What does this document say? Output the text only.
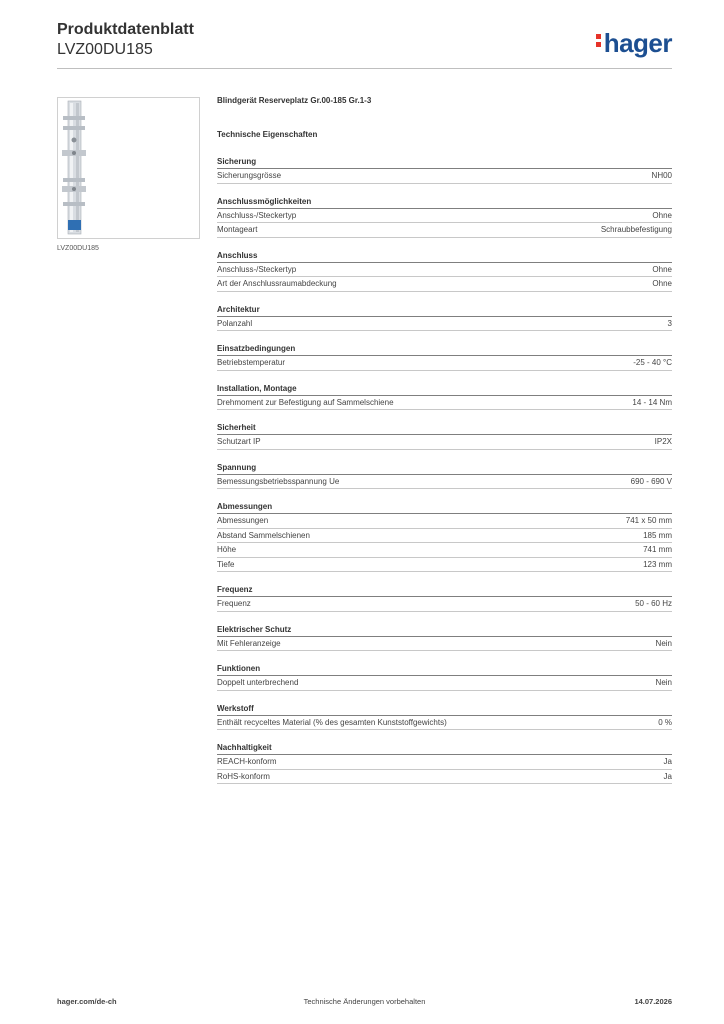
Produktdatenblatt
LVZ00DU185	hager
LVZ00DU185
Blindgerät Reserveplatz Gr.00-185 Gr.1-3
Technische Eigenschaften
Sicherung
Sicherungsgrösse	NH00
Anschlussmöglichkeiten
Anschluss-/Steckertyp	Ohne
Montageart	Schraubbefestigung
Anschluss
Anschluss-/Steckertyp	Ohne
Art der Anschlussraumabdeckung	Ohne
Architektur
Polanzahl	3
Einsatzbedingungen
Betriebstemperatur	-25 - 40 °C
Installation, Montage
Drehmoment zur Befestigung auf Sammelschiene	14 - 14 Nm
Sicherheit
Schutzart IP	IP2X
Spannung
Bemessungsbetriebsspannung Ue	690 - 690 V
Abmessungen
Abmessungen	741 x 50 mm
Abstand Sammelschienen	185 mm
Höhe	741 mm
Tiefe	123 mm
Frequenz
Frequenz	50 - 60 Hz
Elektrischer Schutz
Mit Fehleranzeige	Nein
Funktionen
Doppelt unterbrechend	Nein
Werkstoff
Enthält recyceltes Material (% des gesamten Kunststoffgewichts)	0 %
Nachhaltigkeit
REACH-konform	Ja
RoHS-konform	Ja
hager.com/de-ch	Technische Änderungen vorbehalten	14.07.2026
